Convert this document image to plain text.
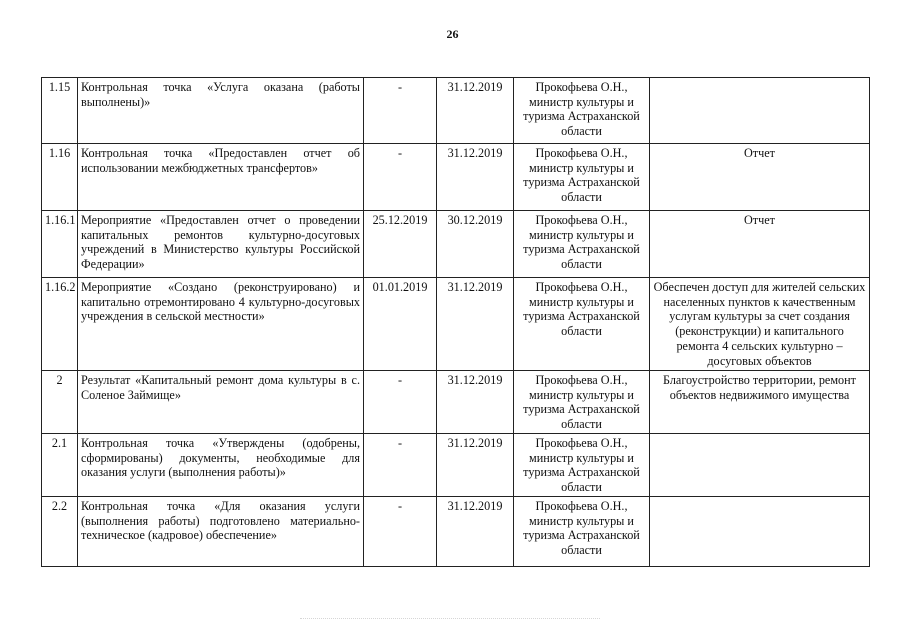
26
1.15	Контрольная точка «Услуга оказана (работы выполнены)»	-	31.12.2019	Прокофьева О.Н., министр культуры и туризма Астраханской области	
1.16	Контрольная точка «Предоставлен отчет об использовании межбюджетных трансфертов»	-	31.12.2019	Прокофьева О.Н., министр культуры и туризма Астраханской области	Отчет
1.16.1	Мероприятие «Предоставлен отчет о проведении капитальных ремонтов культурно-досуговых учреждений в Министерство культуры Российской Федерации»	25.12.2019	30.12.2019	Прокофьева О.Н., министр культуры и туризма Астраханской области	Отчет
1.16.2	Мероприятие «Создано (реконструировано) и капитально отремонтировано 4 культурно-досуговых учреждения в сельской местности»	01.01.2019	31.12.2019	Прокофьева О.Н., министр культуры и туризма Астраханской области	Обеспечен доступ для жителей сельских населенных пунктов к качественным услугам культуры за счет создания (реконструкции) и капитального ремонта 4 сельских культурно – досуговых объектов
2	Результат «Капитальный ремонт дома культуры в с. Соленое Займище»	-	31.12.2019	Прокофьева О.Н., министр культуры и туризма Астраханской области	Благоустройство территории, ремонт объектов недвижимого имущества
2.1	Контрольная точка «Утверждены (одобрены, сформированы) документы, необходимые для оказания услуги (выполнения работы)»	-	31.12.2019	Прокофьева О.Н., министр культуры и туризма Астраханской области	
2.2	Контрольная точка «Для оказания услуги (выполнения работы) подготовлено материально-техническое (кадровое) обеспечение»	-	31.12.2019	Прокофьева О.Н., министр культуры и туризма Астраханской области	
